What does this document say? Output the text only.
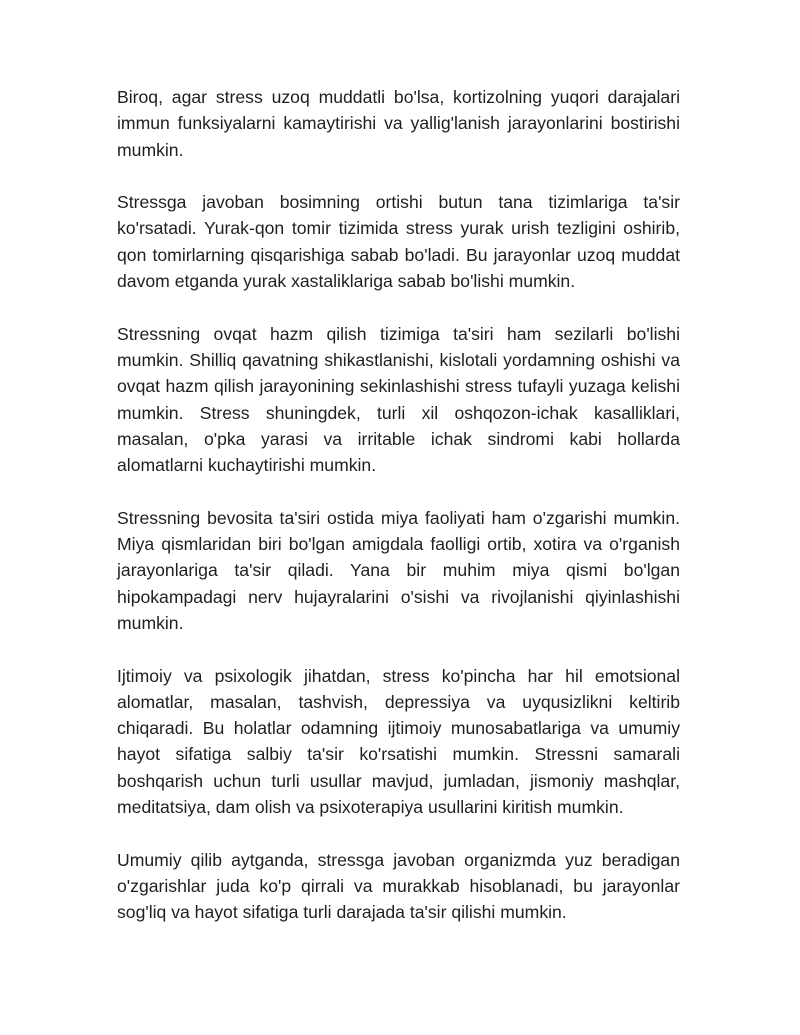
Biroq, agar stress uzoq muddatli bo'lsa, kortizolning yuqori darajalari immun funksiyalarni kamaytirishi va yallig'lanish jarayonlarini bostirishi mumkin.

Stressga javoban bosimning ortishi butun tana tizimlariga ta'sir ko'rsatadi. Yurak-qon tomir tizimida stress yurak urish tezligini oshirib, qon tomirlarning qisqarishiga sabab bo'ladi. Bu jarayonlar uzoq muddat davom etganda yurak xastaliklariga sabab bo'lishi mumkin.

Stressning ovqat hazm qilish tizimiga ta'siri ham sezilarli bo'lishi mumkin. Shilliq qavatning shikastlanishi, kislotali yordamning oshishi va ovqat hazm qilish jarayonining sekinlashishi stress tufayli yuzaga kelishi mumkin. Stress shuningdek, turli xil oshqozon-ichak kasalliklari, masalan, o'pka yarasi va irritable ichak sindromi kabi hollarda alomatlarni kuchaytirishi mumkin.

Stressning bevosita ta'siri ostida miya faoliyati ham o'zgarishi mumkin. Miya qismlaridan biri bo'lgan amigdala faolligi ortib, xotira va o'rganish jarayonlariga ta'sir qiladi. Yana bir muhim miya qismi bo'lgan hipokampadagi nerv hujayralarini o'sishi va rivojlanishi qiyinlashishi mumkin.

Ijtimoiy va psixologik jihatdan, stress ko'pincha har hil emotsional alomatlar, masalan, tashvish, depressiya va uyqusizlikni keltirib chiqaradi. Bu holatlar odamning ijtimoiy munosabatlariga va umumiy hayot sifatiga salbiy ta'sir ko'rsatishi mumkin. Stressni samarali boshqarish uchun turli usullar mavjud, jumladan, jismoniy mashqlar, meditatsiya, dam olish va psixoterapiya usullarini kiritish mumkin.

Umumiy qilib aytganda, stressga javoban organizmda yuz beradigan o'zgarishlar juda ko'p qirrali va murakkab hisoblanadi, bu jarayonlar sog'liq va hayot sifatiga turli darajada ta'sir qilishi mumkin.
